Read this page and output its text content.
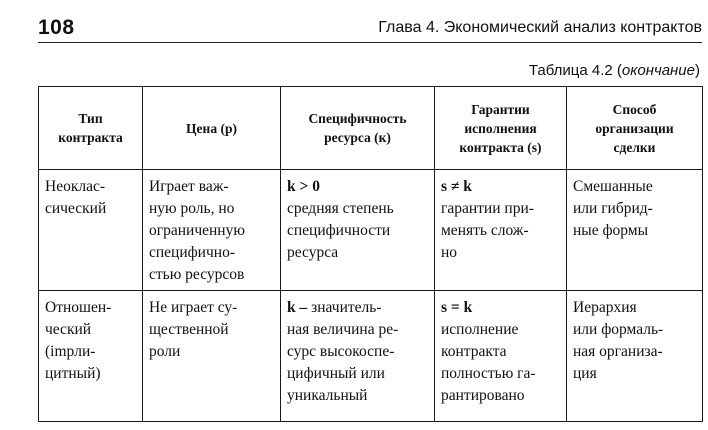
108	Глава 4. Экономический анализ контрактов
Таблица 4.2 (окончание)
Тип
контракта	Цена (р)	Специфичность
ресурса (к)	Гарантии
исполнения
контракта (s)	Способ
организации
сделки

Неоклас-
сический	Играет важ-
ную роль, но
ограниченную
специфично-
стью ресурсов	k > 0
средняя степень
специфичности
ресурса	s ≠ k
гарантии при-
менять слож-
но	Смешанные
или гибрид-
ные формы

Отношен-
ческий
(impли-
цитный)	Не играет су-
щественной
роли	k – значитель-
ная величина ре-
сурс высокоспе-
цифичный или
уникальный	s = k
исполнение
контракта
полностью га-
рантировано	Иерархия
или формаль-
ная организа-
ция
